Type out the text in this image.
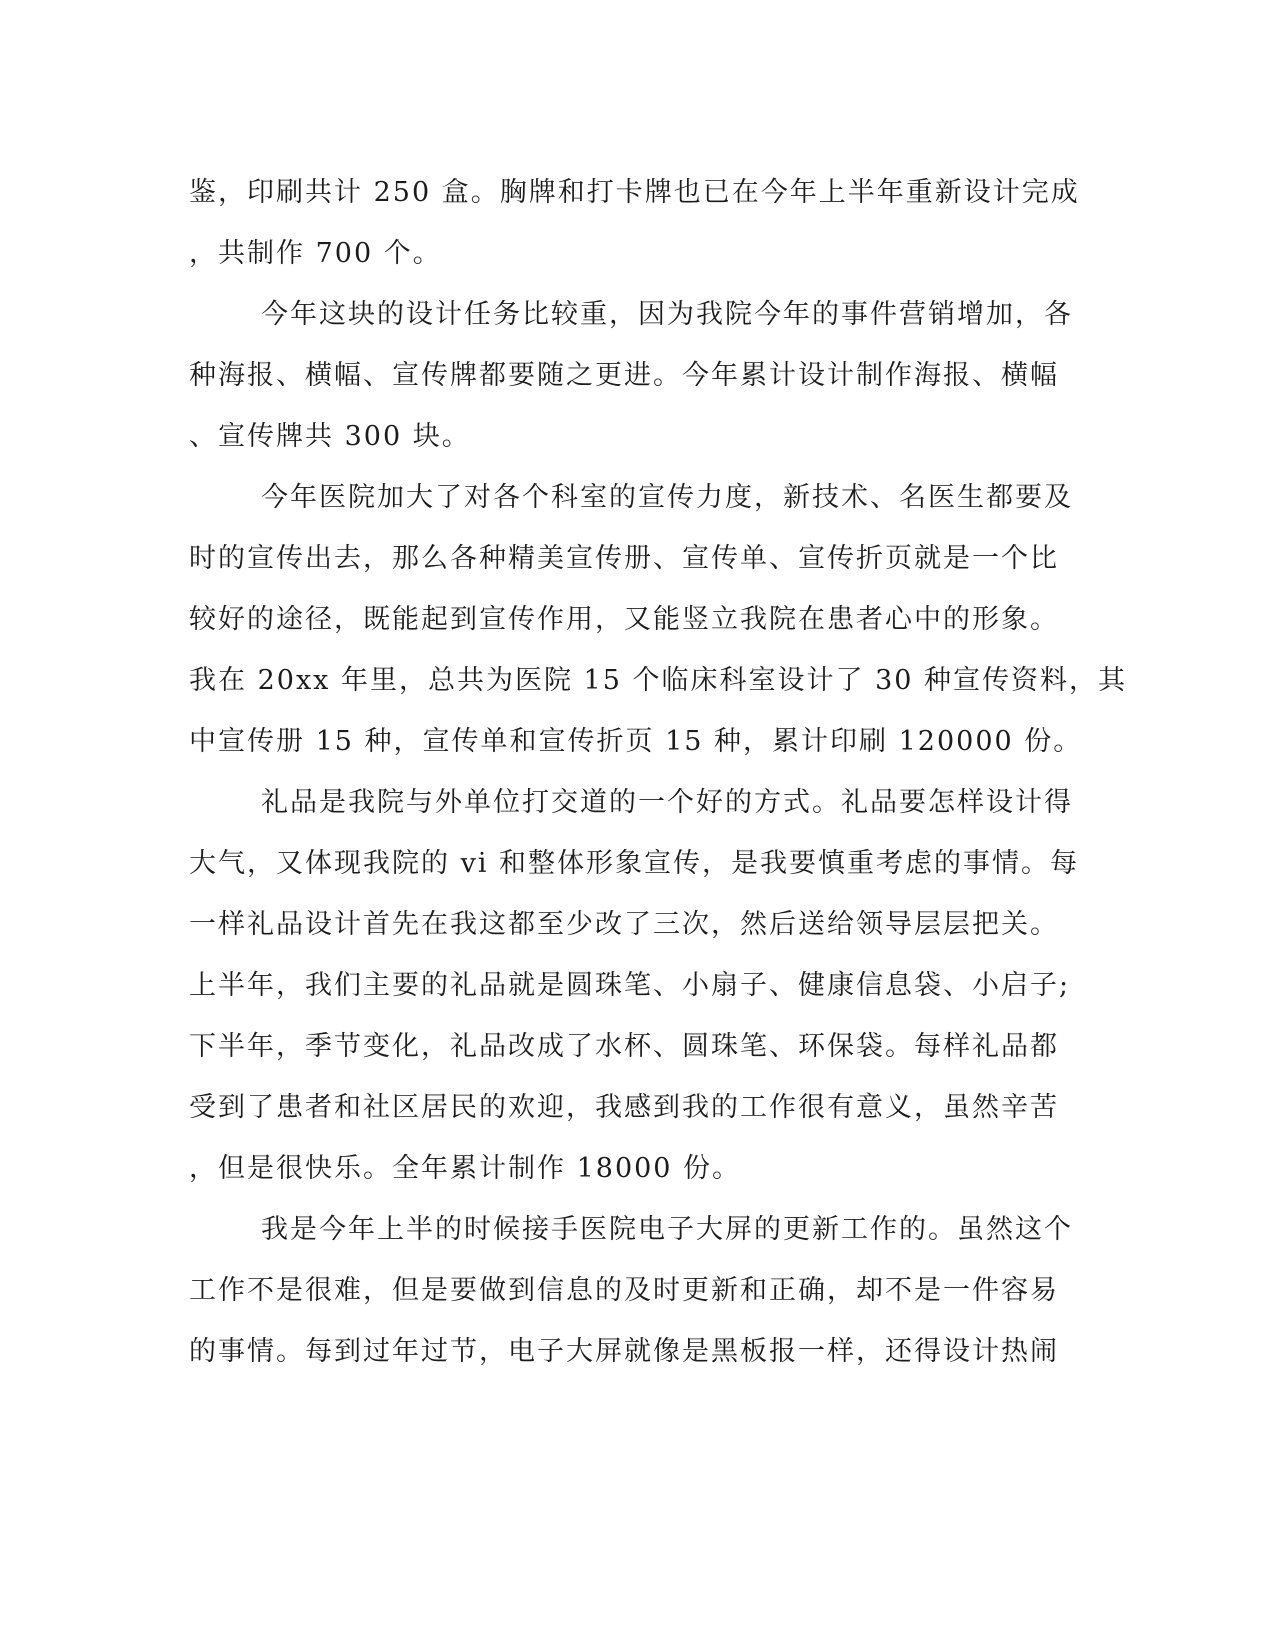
鉴，印刷共计 250 盒。胸牌和打卡牌也已在今年上半年重新设计完成
，共制作 700 个。
今年这块的设计任务比较重，因为我院今年的事件营销增加，各
种海报、横幅、宣传牌都要随之更进。今年累计设计制作海报、横幅
、宣传牌共 300 块。
今年医院加大了对各个科室的宣传力度，新技术、名医生都要及
时的宣传出去，那么各种精美宣传册、宣传单、宣传折页就是一个比
较好的途径，既能起到宣传作用，又能竖立我院在患者心中的形象。
我在 20xx 年里，总共为医院 15 个临床科室设计了 30 种宣传资料，其
中宣传册 15 种，宣传单和宣传折页 15 种，累计印刷 120000 份。
礼品是我院与外单位打交道的一个好的方式。礼品要怎样设计得
大气，又体现我院的 vi 和整体形象宣传，是我要慎重考虑的事情。每
一样礼品设计首先在我这都至少改了三次，然后送给领导层层把关。
上半年，我们主要的礼品就是圆珠笔、小扇子、健康信息袋、小启子;
下半年，季节变化，礼品改成了水杯、圆珠笔、环保袋。每样礼品都
受到了患者和社区居民的欢迎，我感到我的工作很有意义，虽然辛苦
，但是很快乐。全年累计制作 18000 份。
我是今年上半的时候接手医院电子大屏的更新工作的。虽然这个
工作不是很难，但是要做到信息的及时更新和正确，却不是一件容易
的事情。每到过年过节，电子大屏就像是黑板报一样，还得设计热闹
